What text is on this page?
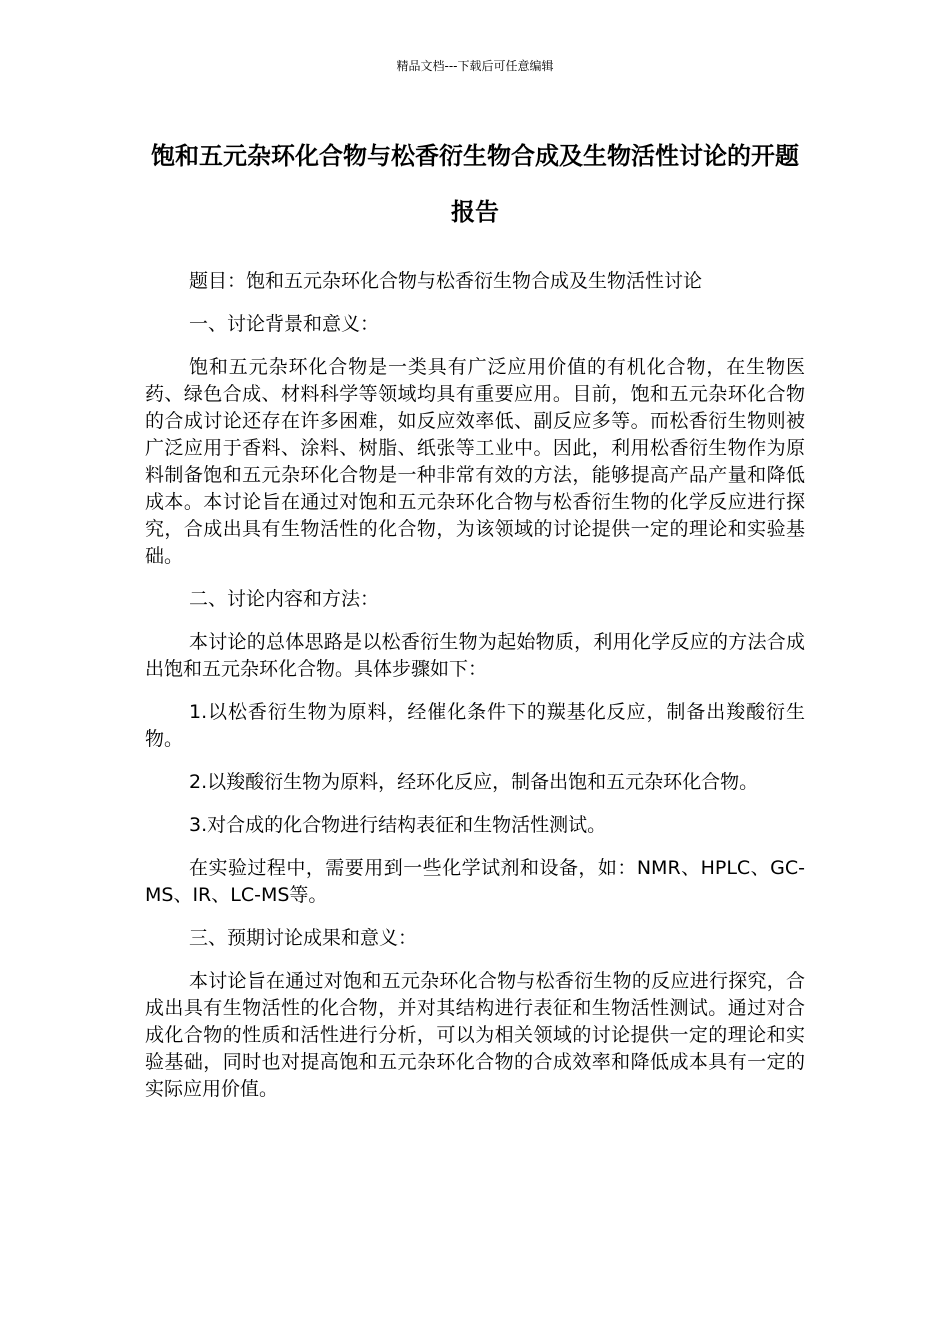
精品文档---下载后可任意编辑
饱和五元杂环化合物与松香衍生物合成及生物活性讨论的开题报告

题目：饱和五元杂环化合物与松香衍生物合成及生物活性讨论

一、讨论背景和意义：

饱和五元杂环化合物是一类具有广泛应用价值的有机化合物，在生物医药、绿色合成、材料科学等领域均具有重要应用。目前，饱和五元杂环化合物的合成讨论还存在许多困难，如反应效率低、副反应多等。而松香衍生物则被广泛应用于香料、涂料、树脂、纸张等工业中。因此，利用松香衍生物作为原料制备饱和五元杂环化合物是一种非常有效的方法，能够提高产品产量和降低成本。本讨论旨在通过对饱和五元杂环化合物与松香衍生物的化学反应进行探究，合成出具有生物活性的化合物，为该领域的讨论提供一定的理论和实验基础。

二、讨论内容和方法：

本讨论的总体思路是以松香衍生物为起始物质，利用化学反应的方法合成出饱和五元杂环化合物。具体步骤如下：

1.以松香衍生物为原料，经催化条件下的羰基化反应，制备出羧酸衍生物。

2.以羧酸衍生物为原料，经环化反应，制备出饱和五元杂环化合物。

3.对合成的化合物进行结构表征和生物活性测试。

在实验过程中，需要用到一些化学试剂和设备，如：NMR、HPLC、GC-MS、IR、LC-MS等。

三、预期讨论成果和意义：

本讨论旨在通过对饱和五元杂环化合物与松香衍生物的反应进行探究，合成出具有生物活性的化合物，并对其结构进行表征和生物活性测试。通过对合成化合物的性质和活性进行分析，可以为相关领域的讨论提供一定的理论和实验基础，同时也对提高饱和五元杂环化合物的合成效率和降低成本具有一定的实际应用价值。
